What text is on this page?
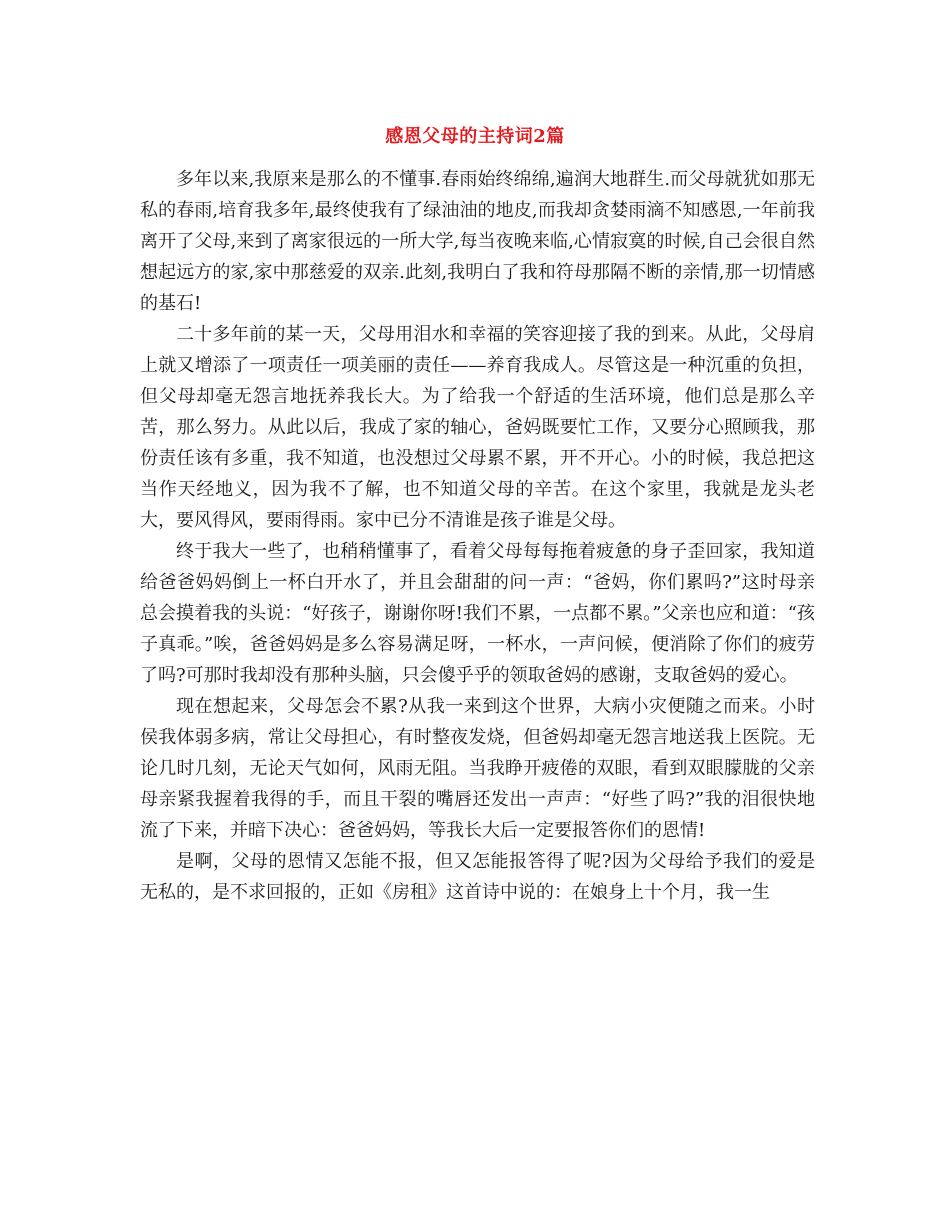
感恩父母的主持词2篇

多年以来,我原来是那么的不懂事.春雨始终绵绵,遍润大地群生.而父母就犹如那无私的春雨,培育我多年,最终使我有了绿油油的地皮,而我却贪婪雨滴不知感恩,一年前我离开了父母,来到了离家很远的一所大学,每当夜晚来临,心情寂寞的时候,自己会很自然想起远方的家,家中那慈爱的双亲.此刻,我明白了我和符母那隔不断的亲情,那一切情感的基石!

二十多年前的某一天，父母用泪水和幸福的笑容迎接了我的到来。从此，父母肩上就又增添了一项责任一项美丽的责任——养育我成人。尽管这是一种沉重的负担，但父母却毫无怨言地抚养我长大。为了给我一个舒适的生活环境，他们总是那么辛苦，那么努力。从此以后，我成了家的轴心，爸妈既要忙工作，又要分心照顾我，那份责任该有多重，我不知道，也没想过父母累不累，开不开心。小的时候，我总把这当作天经地义，因为我不了解，也不知道父母的辛苦。在这个家里，我就是龙头老大，要风得风，要雨得雨。家中已分不清谁是孩子谁是父母。

终于我大一些了，也稍稍懂事了，看着父母每每拖着疲惫的身子歪回家，我知道给爸爸妈妈倒上一杯白开水了，并且会甜甜的问一声：“爸妈，你们累吗?”这时母亲总会摸着我的头说：“好孩子，谢谢你呀!我们不累，一点都不累。”父亲也应和道：“孩子真乖。”唉，爸爸妈妈是多么容易满足呀，一杯水，一声问候，便消除了你们的疲劳了吗?可那时我却没有那种头脑，只会傻乎乎的领取爸妈的感谢，支取爸妈的爱心。

现在想起来，父母怎会不累?从我一来到这个世界，大病小灾便随之而来。小时侯我体弱多病，常让父母担心，有时整夜发烧，但爸妈却毫无怨言地送我上医院。无论几时几刻，无论天气如何，风雨无阻。当我睁开疲倦的双眼，看到双眼朦胧的父亲母亲紧我握着我得的手，而且干裂的嘴唇还发出一声声：“好些了吗?”我的泪很快地流了下来，并暗下决心：爸爸妈妈，等我长大后一定要报答你们的恩情!

是啊，父母的恩情又怎能不报，但又怎能报答得了呢?因为父母给予我们的爱是无私的，是不求回报的，正如《房租》这首诗中说的：在娘身上十个月，我一生
